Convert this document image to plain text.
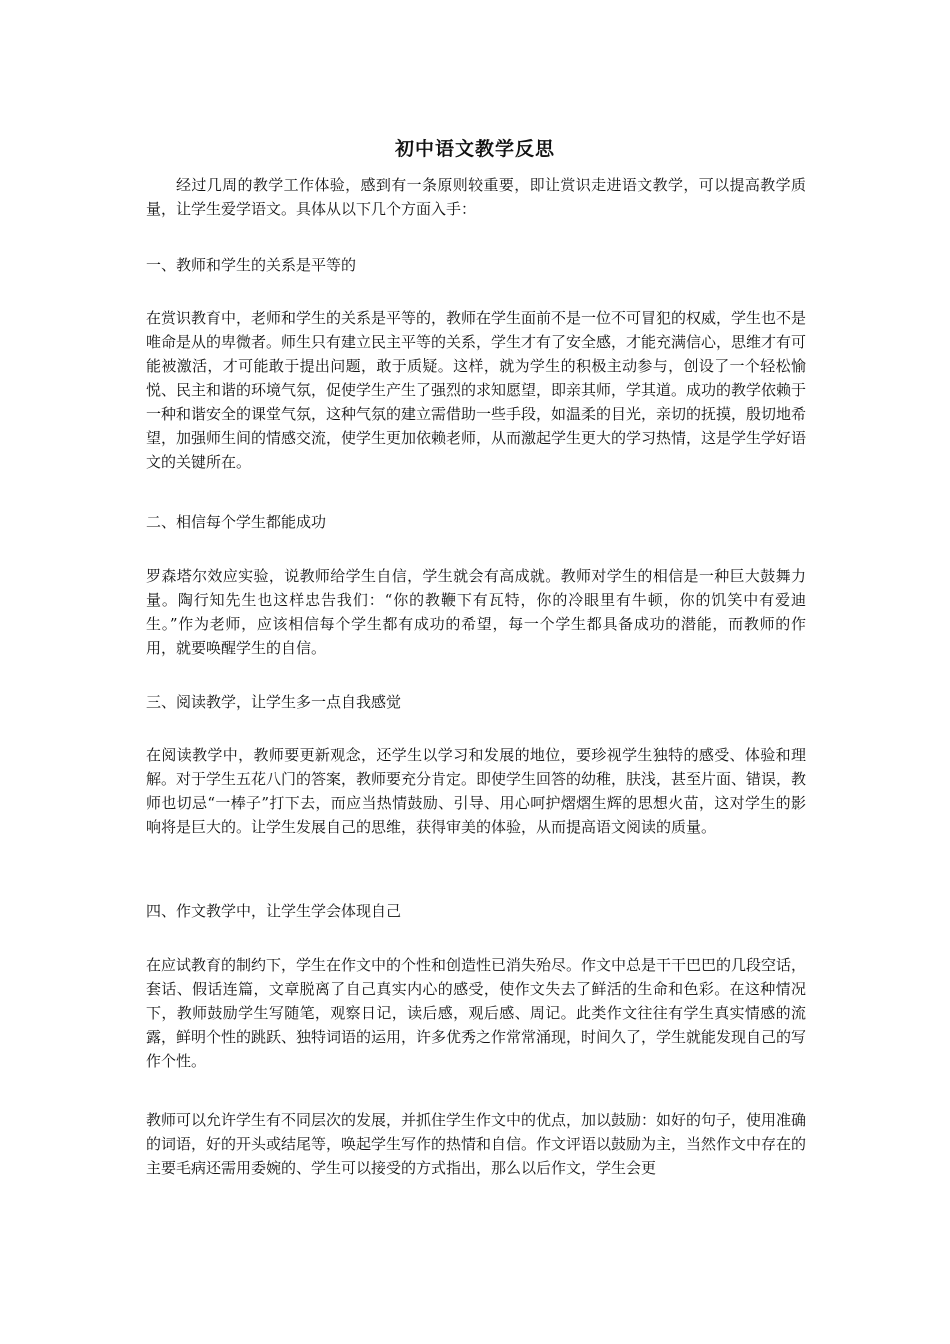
初中语文教学反思
经过几周的教学工作体验，感到有一条原则较重要，即让赏识走进语文教学，可以提高教学质量，让学生爱学语文。具体从以下几个方面入手：
一、教师和学生的关系是平等的
在赏识教育中，老师和学生的关系是平等的，教师在学生面前不是一位不可冒犯的权威，学生也不是唯命是从的卑微者。师生只有建立民主平等的关系，学生才有了安全感，才能充满信心，思维才有可能被激活，才可能敢于提出问题，敢于质疑。这样，就为学生的积极主动参与，创设了一个轻松愉悦、民主和谐的环境气氛，促使学生产生了强烈的求知愿望，即亲其师，学其道。成功的教学依赖于一种和谐安全的课堂气氛，这种气氛的建立需借助一些手段，如温柔的目光，亲切的抚摸，殷切地希望，加强师生间的情感交流，使学生更加依赖老师，从而激起学生更大的学习热情，这是学生学好语文的关键所在。
二、相信每个学生都能成功
罗森塔尔效应实验，说教师给学生自信，学生就会有高成就。教师对学生的相信是一种巨大鼓舞力量。陶行知先生也这样忠告我们：“你的教鞭下有瓦特，你的冷眼里有牛顿，你的饥笑中有爱迪生。”作为老师，应该相信每个学生都有成功的希望，每一个学生都具备成功的潜能，而教师的作用，就要唤醒学生的自信。
三、阅读教学，让学生多一点自我感觉
在阅读教学中，教师要更新观念，还学生以学习和发展的地位，要珍视学生独特的感受、体验和理解。对于学生五花八门的答案，教师要充分肯定。即使学生回答的幼稚，肤浅，甚至片面、错误，教师也切忌“一棒子”打下去，而应当热情鼓励、引导、用心呵护熠熠生辉的思想火苗，这对学生的影响将是巨大的。让学生发展自己的思维，获得审美的体验，从而提高语文阅读的质量。
四、作文教学中，让学生学会体现自己
在应试教育的制约下，学生在作文中的个性和创造性已消失殆尽。作文中总是干干巴巴的几段空话，套话、假话连篇，文章脱离了自己真实内心的感受，使作文失去了鲜活的生命和色彩。在这种情况下，教师鼓励学生写随笔，观察日记，读后感，观后感、周记。此类作文往往有学生真实情感的流露，鲜明个性的跳跃、独特词语的运用，许多优秀之作常常涌现，时间久了，学生就能发现自己的写作个性。
教师可以允许学生有不同层次的发展，并抓住学生作文中的优点，加以鼓励：如好的句子，使用准确的词语，好的开头或结尾等，唤起学生写作的热情和自信。作文评语以鼓励为主，当然作文中存在的主要毛病还需用委婉的、学生可以接受的方式指出，那么以后作文，学生会更
